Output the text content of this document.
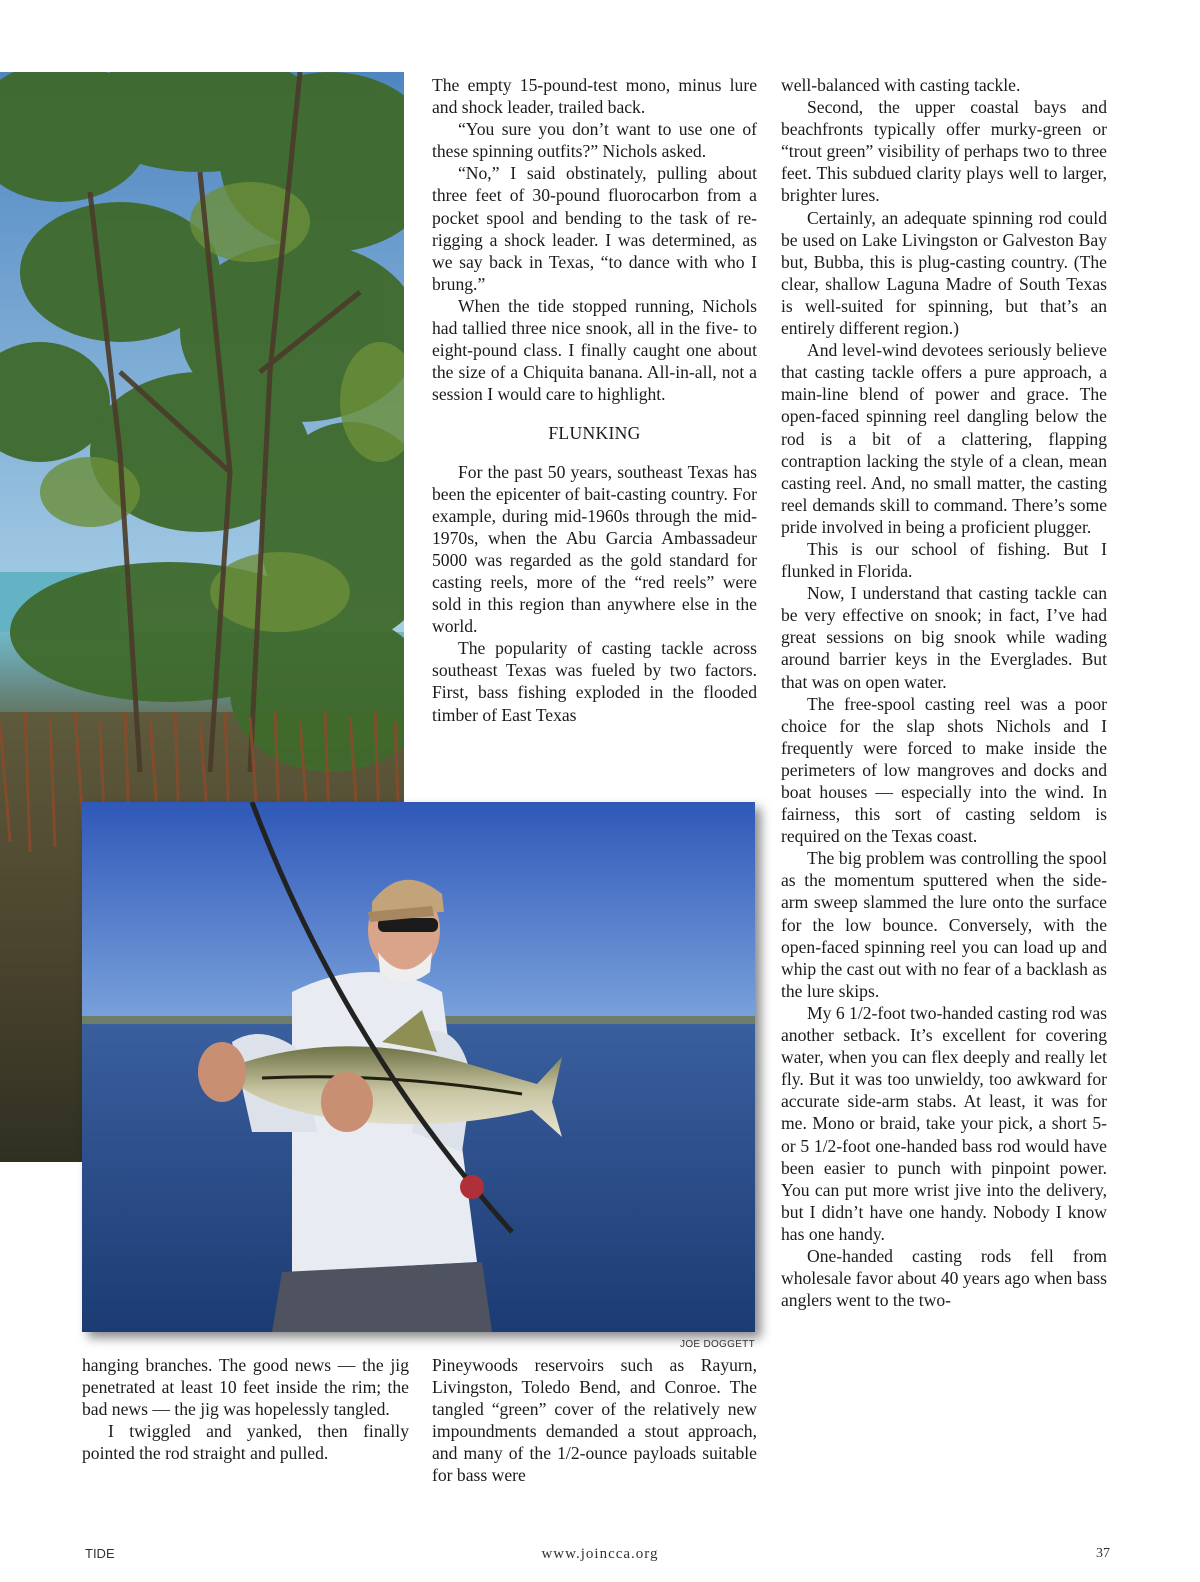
The empty 15-pound-test mono, minus lure and shock leader, trailed back.

“You sure you don’t want to use one of these spinning outfits?” Nichols asked.

“No,” I said obstinately, pulling about three feet of 30-pound fluorocarbon from a pocket spool and bending to the task of re-rigging a shock leader. I was determined, as we say back in Texas, “to dance with who I brung.”

When the tide stopped running, Nichols had tallied three nice snook, all in the five- to eight-pound class. I finally caught one about the size of a Chiquita banana. All-in-all, not a session I would care to highlight.

FLUNKING

For the past 50 years, southeast Texas has been the epicenter of bait-casting country. For example, during mid-1960s through the mid-1970s, when the Abu Garcia Ambassadeur 5000 was regarded as the gold standard for casting reels, more of the “red reels” were sold in this region than anywhere else in the world.

The popularity of casting tackle across southeast Texas was fueled by two factors. First, bass fishing exploded in the flooded timber of East Texas

well-balanced with casting tackle.

Second, the upper coastal bays and beachfronts typically offer murky-green or “trout green” visibility of perhaps two to three feet. This subdued clarity plays well to larger, brighter lures.

Certainly, an adequate spinning rod could be used on Lake Livingston or Galveston Bay but, Bubba, this is plug-casting country. (The clear, shallow Laguna Madre of South Texas is well-suited for spinning, but that’s an entirely different region.)

And level-wind devotees seriously believe that casting tackle offers a pure approach, a main-line blend of power and grace. The open-faced spinning reel dangling below the rod is a bit of a clattering, flapping contraption lacking the style of a clean, mean casting reel. And, no small matter, the casting reel demands skill to command. There’s some pride involved in being a proficient plugger.

This is our school of fishing. But I flunked in Florida.

Now, I understand that casting tackle can be very effective on snook; in fact, I’ve had great sessions on big snook while wading around barrier keys in the Everglades. But that was on open water.

The free-spool casting reel was a poor choice for the slap shots Nichols and I frequently were forced to make inside the perimeters of low mangroves and docks and boat houses — especially into the wind. In fairness, this sort of casting seldom is required on the Texas coast.

The big problem was controlling the spool as the momentum sputtered when the side-arm sweep slammed the lure onto the surface for the low bounce. Conversely, with the open-faced spinning reel you can load up and whip the cast out with no fear of a backlash as the lure skips.

My 6 1/2-foot two-handed casting rod was another setback. It’s excellent for covering water, when you can flex deeply and really let fly. But it was too unwieldy, too awkward for accurate side-arm stabs. At least, it was for me. Mono or braid, take your pick, a short 5- or 5 1/2-foot one-handed bass rod would have been easier to punch with pinpoint power. You can put more wrist jive into the delivery, but I didn’t have one handy. Nobody I know has one handy.

One-handed casting rods fell from wholesale favor about 40 years ago when bass anglers went to the two-

JOE DOGGETT

hanging branches. The good news — the jig penetrated at least 10 feet inside the rim; the bad news — the jig was hopelessly tangled.

I twiggled and yanked, then finally pointed the rod straight and pulled.

Pineywoods reservoirs such as Rayurn, Livingston, Toledo Bend, and Conroe. The tangled “green” cover of the relatively new impoundments demanded a stout approach, and many of the 1/2-ounce payloads suitable for bass were

TIDE	www.joincca.org	37
